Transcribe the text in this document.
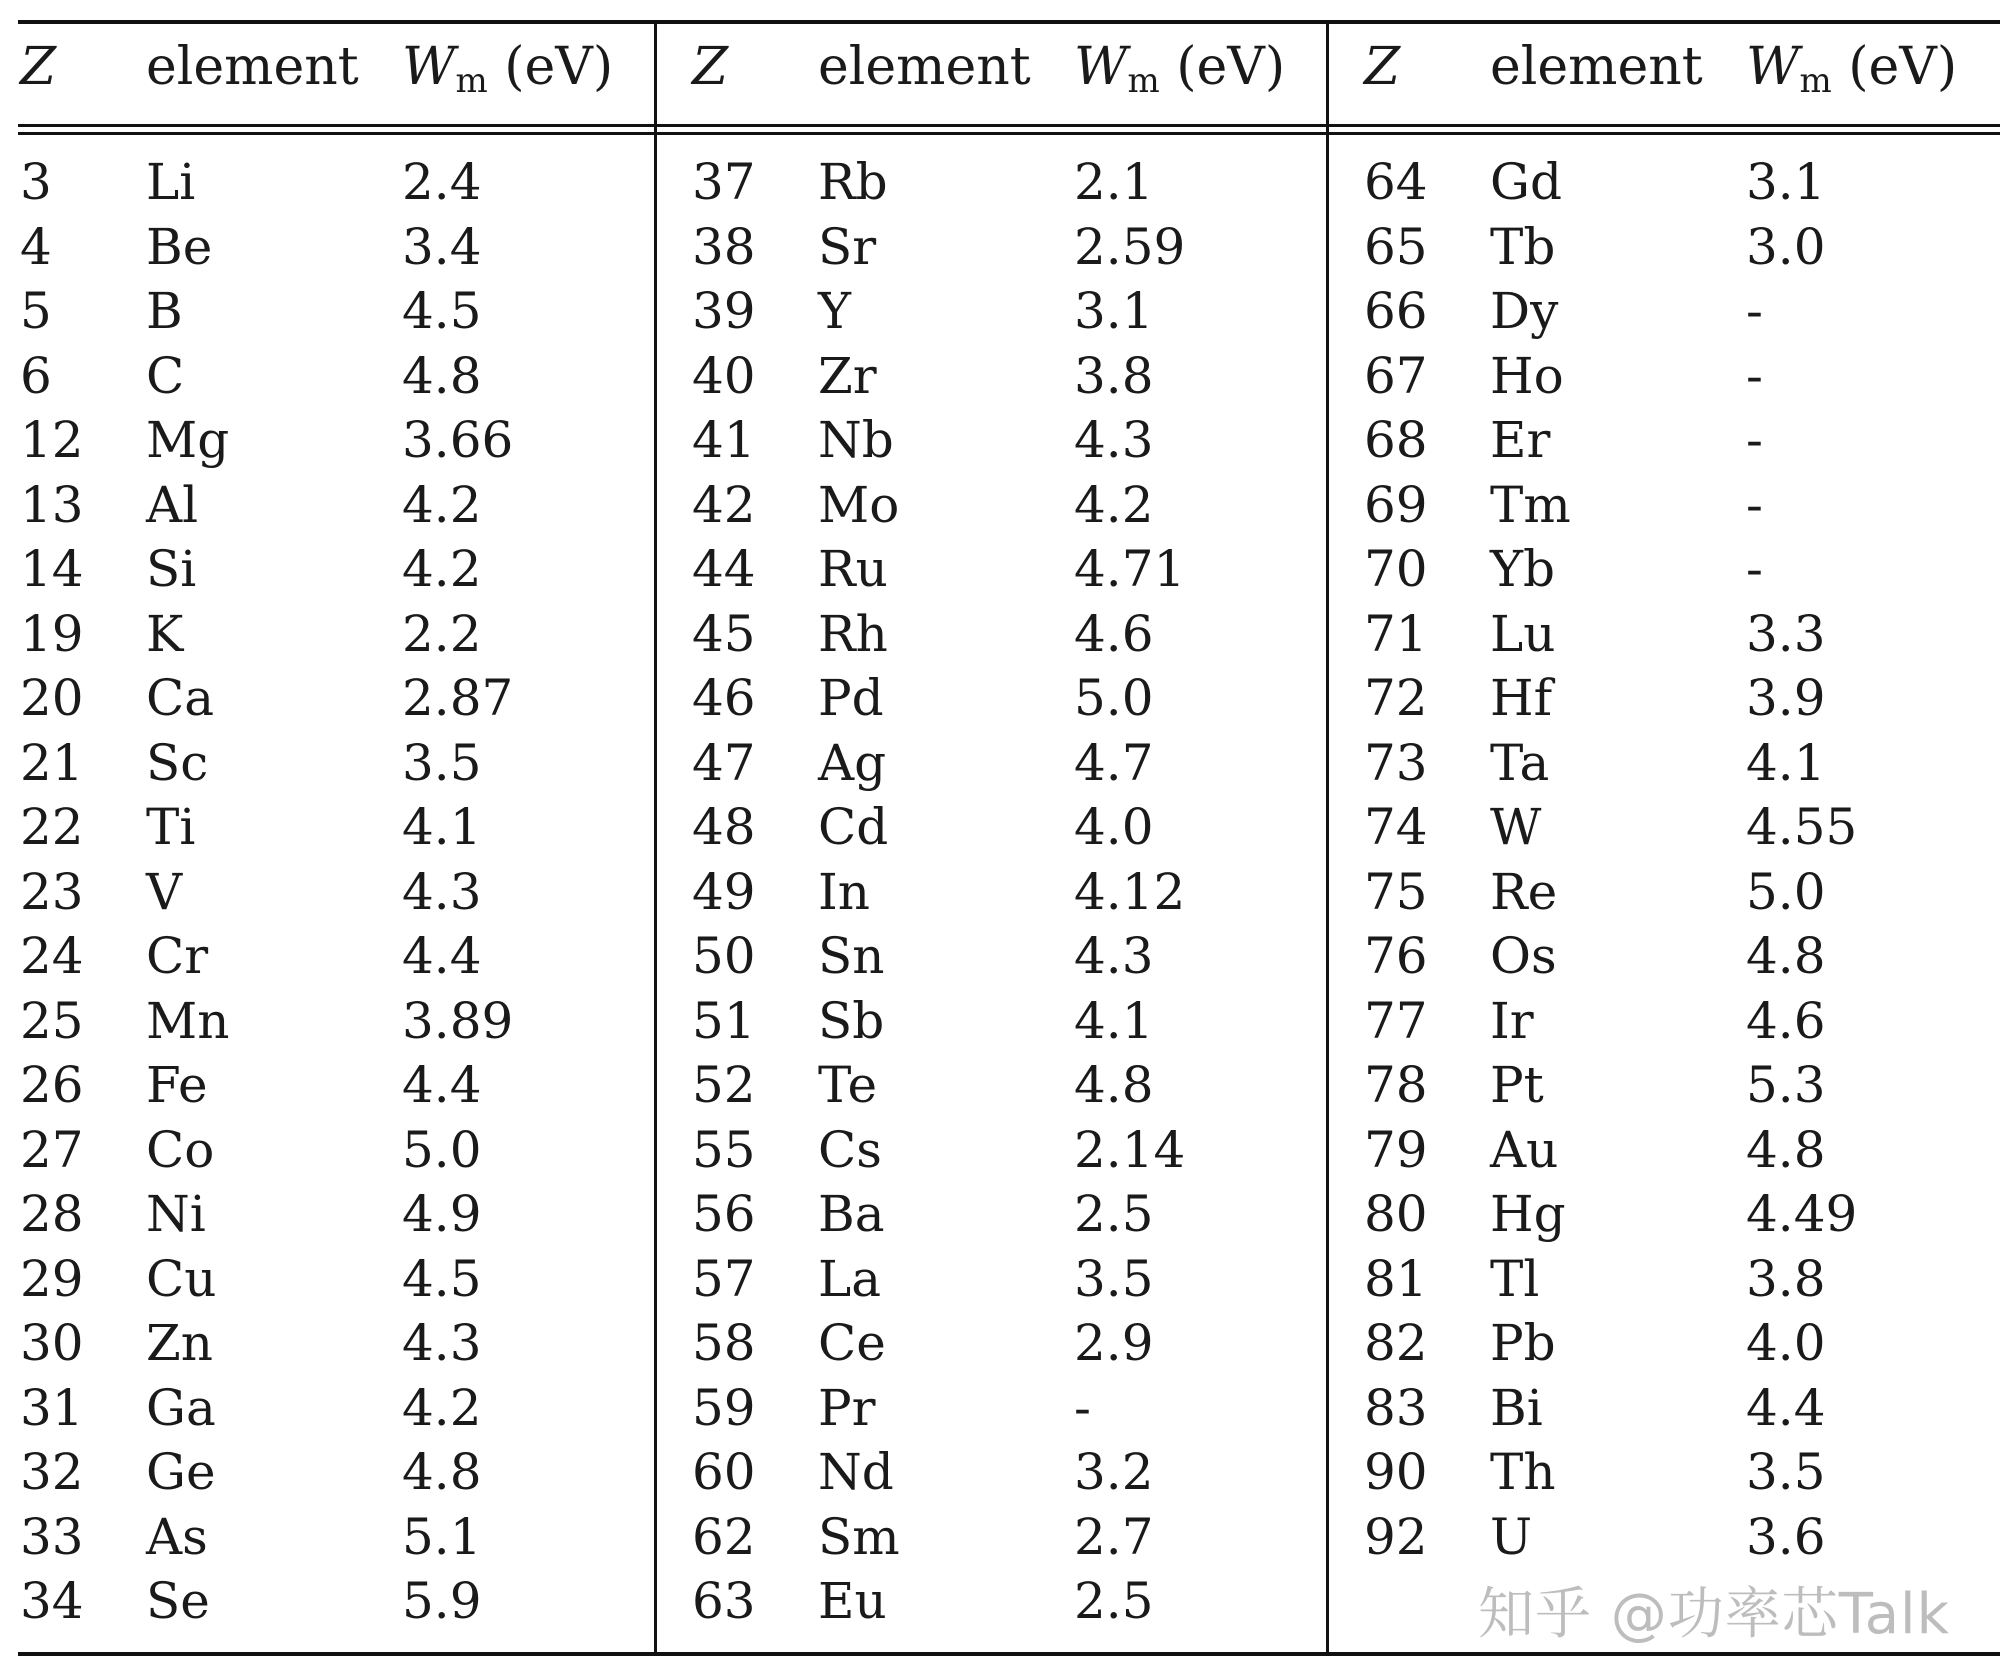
Z element $W_m$ (eV)
3 Li	2.4
4 Be	3.4
5 B	4.5
6 C	4.8
12 Mg	3.66
13 Al	4.2
14 Si	4.2
19 K	2.2
20 Ca	2.87
21 Sc	3.5
22 Ti	4.1
23 V	4.3
24 Cr	4.4
25 Mn	3.89
26 Fe	4.4
27 Co	5.0
28 Ni	4.9
29 Cu	4.5
30 Zn	4.3
31 Ga	4.2
32 Ge	4.8
33 As	5.1
34 Se	5.9
Z element $W_m$ (eV)
37 Rb	2.1
38 Sr	2.59
39 Y	3.1
40 Zr	3.8
41 Nb	4.3
42 Mo	4.2
44 Ru	4.71
45 Rh	4.6
46 Pd	5.0
47 Ag	4.7
48 Cd	4.0
49 In	4.12
50 Sn	4.3
51 Sb	4.1
52 Te	4.8
55 Cs	2.14
56 Ba	2.5
57 La	3.5
58 Ce	2.9
59 Pr	-
60 Nd	3.2
62 Sm	2.7
63 Eu	2.5
Z element $W_m$ (eV)
64 Gd	3.1
65 Tb	3.0
66 Dy	-
67 Ho	-
68 Er	-
69 Tm	-
70 Yb	-
71 Lu	3.3
72 Hf	3.9
73 Ta	4.1
74 W	4.55
75 Re	5.0
76 Os	4.8
77 Ir	4.6
78 Pt	5.3
79 Au	4.8
80 Hg	4.49
81 Tl	3.8
82 Pb	4.0
83 Bi	4.4
90 Th	3.5
92 U	3.6
知乎 @功率芯Talk
